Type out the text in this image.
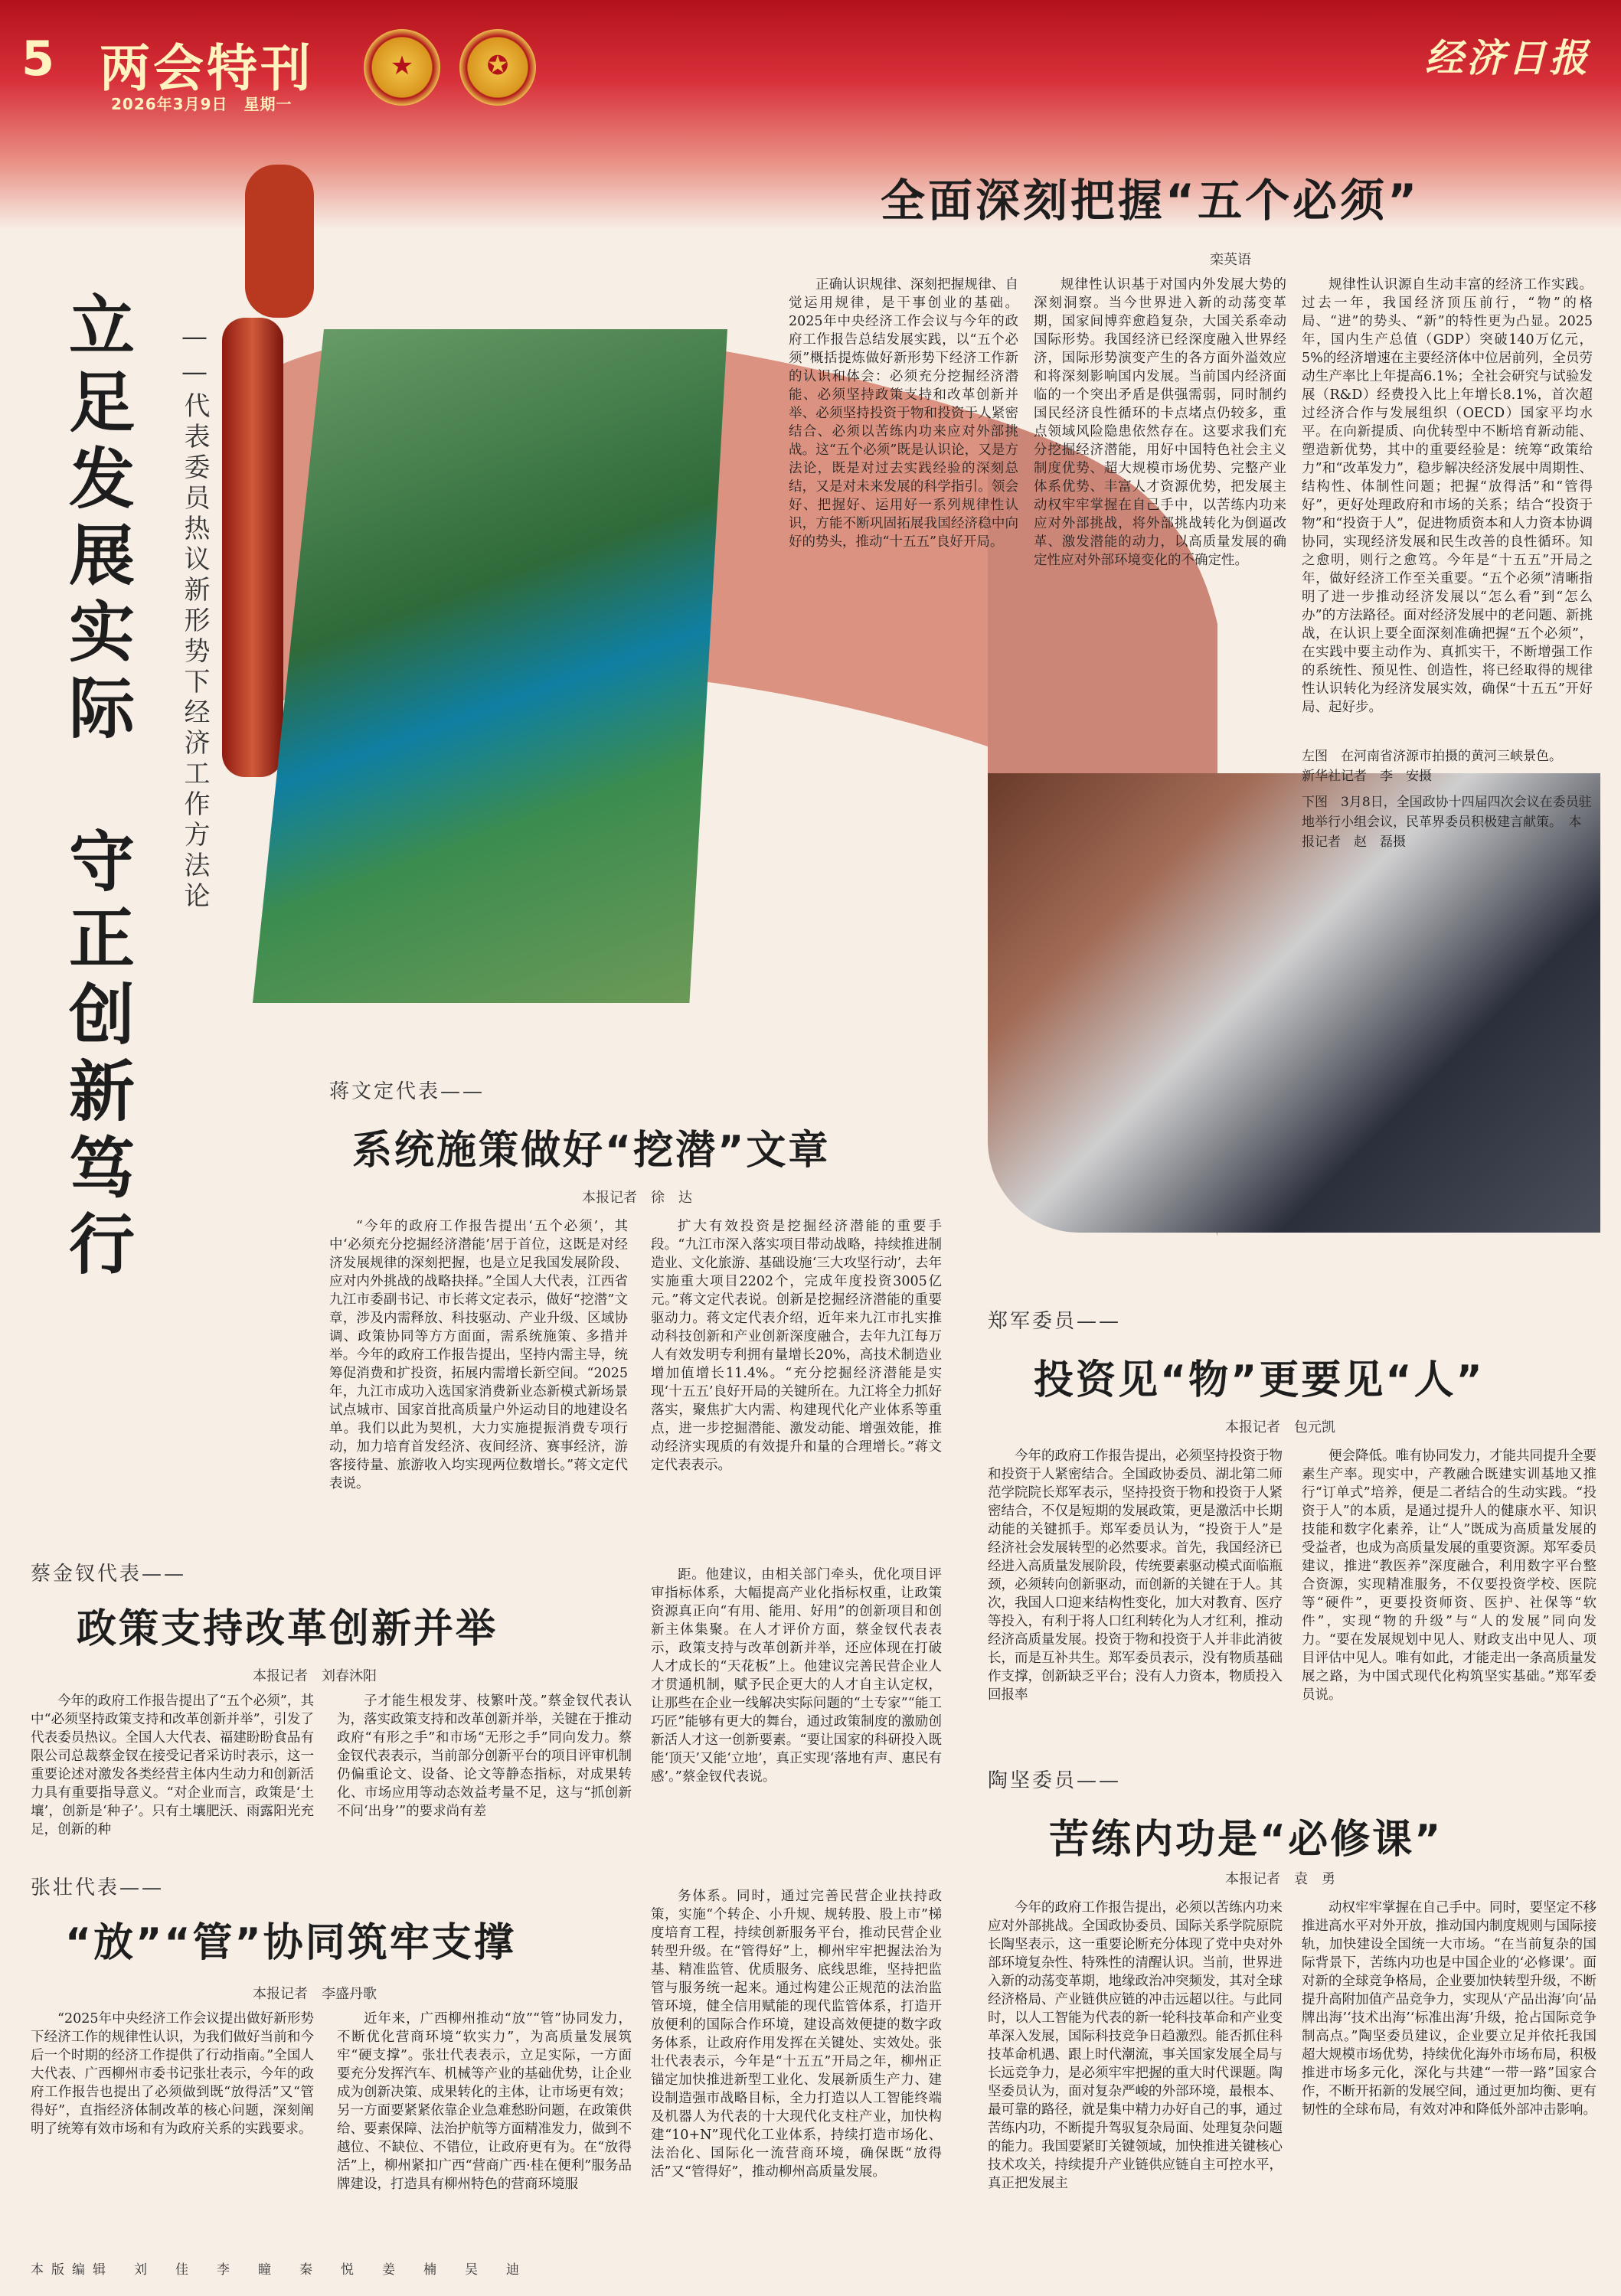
5 两会特刊
2026年3月9日　星期一
★	✪	经济日报
全面深刻把握“五个必须”
栾英语

正确认识规律、深刻把握规律、自觉运用规律，是干事创业的基础。2025年中央经济工作会议与今年的政府工作报告总结发展实践，以“五个必须”概括提炼做好新形势下经济工作新的认识和体会：必须充分挖掘经济潜能、必须坚持政策支持和改革创新并举、必须坚持投资于物和投资于人紧密结合、必须以苦练内功来应对外部挑战。这“五个必须”既是认识论，又是方法论，既是对过去实践经验的深刻总结，又是对未来发展的科学指引。领会好、把握好、运用好一系列规律性认识，方能不断巩固拓展我国经济稳中向好的势头，推动“十五五”良好开局。

规律性认识基于对国内外发展大势的深刻洞察。当今世界进入新的动荡变革期，国家间博弈愈趋复杂，大国关系牵动国际形势。我国经济已经深度融入世界经济，国际形势演变产生的各方面外溢效应和将深刻影响国内发展。当前国内经济面临的一个突出矛盾是供强需弱，同时制约国民经济良性循环的卡点堵点仍较多，重点领域风险隐患依然存在。这要求我们充分挖掘经济潜能，用好中国特色社会主义制度优势、超大规模市场优势、完整产业体系优势、丰富人才资源优势，把发展主动权牢牢掌握在自己手中，以苦练内功来应对外部挑战，将外部挑战转化为倒逼改革、激发潜能的动力，以高质量发展的确定性应对外部环境变化的不确定性。

规律性认识源自生动丰富的经济工作实践。过去一年，我国经济顶压前行，“物”的格局、“进”的势头、“新”的特性更为凸显。2025年，国内生产总值（GDP）突破140万亿元，5%的经济增速在主要经济体中位居前列，全员劳动生产率比上年提高6.1%；全社会研究与试验发展（R&D）经费投入比上年增长8.1%，首次超过经济合作与发展组织（OECD）国家平均水平。在向新提质、向优转型中不断培育新动能、塑造新优势，其中的重要经验是：统筹“政策给力”和“改革发力”，稳步解决经济发展中周期性、结构性、体制性问题；把握“放得活”和“管得好”，更好处理政府和市场的关系；结合“投资于物”和“投资于人”，促进物质资本和人力资本协调协同，实现经济发展和民生改善的良性循环。知之愈明，则行之愈笃。今年是“十五五”开局之年，做好经济工作至关重要。“五个必须”清晰指明了进一步推动经济发展以“怎么看”到“怎么办”的方法路径。面对经济发展中的老问题、新挑战，在认识上要全面深刻准确把握“五个必须”，在实践中要主动作为、真抓实干，不断增强工作的系统性、预见性、创造性，将已经取得的规律性认识转化为经济发展实效，确保“十五五”开好局、起好步。

左图　在河南省济源市拍摄的黄河三峡景色。　　新华社记者　李　安摄
下图　3月8日，全国政协十四届四次会议在委员驻地举行小组会议，民革界委员积极建言献策。　本报记者　赵　磊摄
立足发展实际　守正创新笃行 ——代表委员热议新形势下经济工作方法论
蒋文定代表——
系统施策做好“挖潜”文章
本报记者　徐　达

“今年的政府工作报告提出‘五个必须’，其中‘必须充分挖掘经济潜能’居于首位，这既是对经济发展规律的深刻把握，也是立足我国发展阶段、应对内外挑战的战略抉择。”全国人大代表，江西省九江市委副书记、市长蒋文定表示，做好“挖潜”文章，涉及内需释放、科技驱动、产业升级、区域协调、政策协同等方方面面，需系统施策、多措并举。今年的政府工作报告提出，坚持内需主导，统筹促消费和扩投资，拓展内需增长新空间。“2025年，九江市成功入选国家消费新业态新模式新场景试点城市、国家首批高质量户外运动目的地建设名单。我们以此为契机，大力实施提振消费专项行动，加力培育首发经济、夜间经济、赛事经济，游客接待量、旅游收入均实现两位数增长。”蒋文定代表说。

扩大有效投资是挖掘经济潜能的重要手段。“九江市深入落实项目带动战略，持续推进制造业、文化旅游、基础设施‘三大攻坚行动’，去年实施重大项目2202个，完成年度投资3005亿元。”蒋文定代表说。创新是挖掘经济潜能的重要驱动力。蒋文定代表介绍，近年来九江市扎实推动科技创新和产业创新深度融合，去年九江每万人有效发明专利拥有量增长20%，高技术制造业增加值增长11.4%。“充分挖掘经济潜能是实现‘十五五’良好开局的关键所在。九江将全力抓好落实，聚焦扩大内需、构建现代化产业体系等重点，进一步挖掘潜能、激发动能、增强效能，推动经济实现质的有效提升和量的合理增长。”蒋文定代表表示。

郑军委员——
投资见“物”更要见“人”
本报记者　包元凯

今年的政府工作报告提出，必须坚持投资于物和投资于人紧密结合。全国政协委员、湖北第二师范学院院长郑军表示，坚持投资于物和投资于人紧密结合，不仅是短期的发展政策，更是激活中长期动能的关键抓手。郑军委员认为，“投资于人”是经济社会发展转型的必然要求。首先，我国经济已经进入高质量发展阶段，传统要素驱动模式面临瓶颈，必须转向创新驱动，而创新的关键在于人。其次，我国人口迎来结构性变化，加大对教育、医疗等投入，有利于将人口红利转化为人才红利，推动经济高质量发展。投资于物和投资于人并非此消彼长，而是互补共生。郑军委员表示，没有物质基础作支撑，创新缺乏平台；没有人力资本，物质投入回报率

便会降低。唯有协同发力，才能共同提升全要素生产率。现实中，产教融合既建实训基地又推行“订单式”培养，便是二者结合的生动实践。“投资于人”的本质，是通过提升人的健康水平、知识技能和数字化素养，让“人”既成为高质量发展的受益者，也成为高质量发展的重要资源。郑军委员建议，推进“教医养”深度融合，利用数字平台整合资源，实现精准服务，不仅要投资学校、医院等“硬件”，更要投资师资、医护、社保等“软件”，实现“物的升级”与“人的发展”同向发力。“要在发展规划中见人、财政支出中见人、项目评估中见人。唯有如此，才能走出一条高质量发展之路，为中国式现代化构筑坚实基础。”郑军委员说。

蔡金钗代表——
政策支持改革创新并举
本报记者　刘春沐阳

今年的政府工作报告提出了“五个必须”，其中“必须坚持政策支持和改革创新并举”，引发了代表委员热议。全国人大代表、福建盼盼食品有限公司总裁蔡金钗在接受记者采访时表示，这一重要论述对激发各类经营主体内生动力和创新活力具有重要指导意义。“对企业而言，政策是‘土壤’，创新是‘种子’。只有土壤肥沃、雨露阳光充足，创新的种

子才能生根发芽、枝繁叶茂。”蔡金钗代表认为，落实政策支持和改革创新并举，关键在于推动政府“有形之手”和市场“无形之手”同向发力。蔡金钗代表表示，当前部分创新平台的项目评审机制仍偏重论文、设备、论文等静态指标，对成果转化、市场应用等动态效益考量不足，这与“抓创新不问‘出身’”的要求尚有差

距。他建议，由相关部门牵头，优化项目评审指标体系，大幅提高产业化指标权重，让政策资源真正向“有用、能用、好用”的创新项目和创新主体集聚。在人才评价方面，蔡金钗代表表示，政策支持与改革创新并举，还应体现在打破人才成长的“天花板”上。他建议完善民营企业人才贯通机制，赋予民企更大的人才自主认定权，让那些在企业一线解决实际问题的“土专家”“能工巧匠”能够有更大的舞台，通过政策制度的激励创新活人才这一创新要素。“要让国家的科研投入既能‘顶天’又能‘立地’，真正实现‘落地有声、惠民有感’。”蔡金钗代表说。	陶坚委员——
苦练内功是“必修课”
本报记者　袁　勇

今年的政府工作报告提出，必须以苦练内功来应对外部挑战。全国政协委员、国际关系学院原院长陶坚表示，这一重要论断充分体现了党中央对外部环境复杂性、特殊性的清醒认识。当前，世界进入新的动荡变革期，地缘政治冲突频发，其对全球经济格局、产业链供应链的冲击远超以往。与此同时，以人工智能为代表的新一轮科技革命和产业变革深入发展，国际科技竞争日趋激烈。能否抓住科技革命机遇、跟上时代潮流，事关国家发展全局与长远竞争力，是必须牢牢把握的重大时代课题。陶坚委员认为，面对复杂严峻的外部环境，最根本、最可靠的路径，就是集中精力办好自己的事，通过苦练内功，不断提升驾驭复杂局面、处理复杂问题的能力。我国要紧盯关键领域，加快推进关键核心技术攻关，持续提升产业链供应链自主可控水平，真正把发展主

动权牢牢掌握在自己手中。同时，要坚定不移推进高水平对外开放，推动国内制度规则与国际接轨，加快建设全国统一大市场。“在当前复杂的国际背景下，苦练内功也是中国企业的‘必修课’。面对新的全球竞争格局，企业要加快转型升级，不断提升高附加值产品竞争力，实现从‘产品出海’向‘品牌出海’‘技术出海’‘标准出海’升级，抢占国际竞争制高点。”陶坚委员建议，企业要立足并依托我国超大规模市场优势，持续优化海外市场布局，积极推进市场多元化，深化与共建“一带一路”国家合作，不断开拓新的发展空间，通过更加均衡、更有韧性的全球布局，有效对冲和降低外部冲击影响。

张壮代表——
“放”“管”协同筑牢支撑
本报记者　李盛丹歌

“2025年中央经济工作会议提出做好新形势下经济工作的规律性认识，为我们做好当前和今后一个时期的经济工作提供了行动指南。”全国人大代表、广西柳州市委书记张壮表示，今年的政府工作报告也提出了必须做到既“放得活”又“管得好”，直指经济体制改革的核心问题，深刻阐明了统筹有效市场和有为政府关系的实践要求。

近年来，广西柳州推动“放”“管”协同发力，不断优化营商环境“软实力”，为高质量发展筑牢“硬支撑”。张壮代表表示，立足实际，一方面要充分发挥汽车、机械等产业的基础优势，让企业成为创新决策、成果转化的主体，让市场更有效；另一方面要紧紧依靠企业急难愁盼问题，在政策供给、要素保障、法治护航等方面精准发力，做到不越位、不缺位、不错位，让政府更有为。在“放得活”上，柳州紧扣广西“营商广西·桂在便利”服务品牌建设，打造具有柳州特色的营商环境服

务体系。同时，通过完善民营企业扶持政策，实施“个转企、小升规、规转股、股上市”梯度培育工程，持续创新服务平台，推动民营企业转型升级。在“管得好”上，柳州牢牢把握法治为基、精准监管、优质服务、底线思维，坚持把监管与服务统一起来。通过构建公正规范的法治监管环境，健全信用赋能的现代监管体系，打造开放便利的国际合作环境，建设高效便捷的数字政务体系，让政府作用发挥在关键处、实效处。张壮代表表示，今年是“十五五”开局之年，柳州正锚定加快推进新型工业化、发展新质生产力、建设制造强市战略目标，全力打造以人工智能终端及机器人为代表的十大现代化支柱产业，加快构建“10+N”现代化工业体系，持续打造市场化、法治化、国际化一流营商环境，确保既“放得活”又“管得好”，推动柳州高质量发展。

本版编辑　刘　佳　李　瞳　秦　悦　姜　楠　吴　迪
